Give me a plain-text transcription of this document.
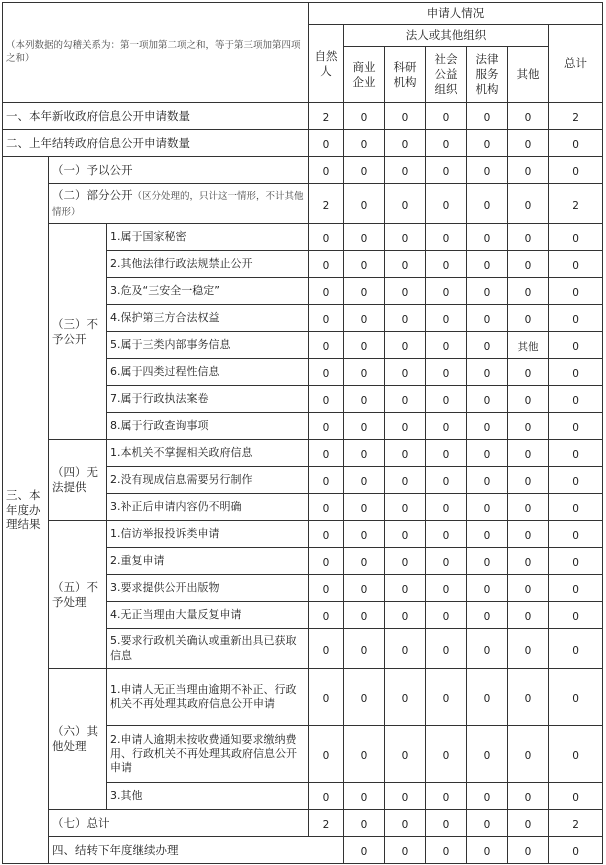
（本列数据的勾稽关系为：第一项加第二项之和，等于第三项加第四项之和）			申请人情况							
			自然人	法人或其他组织					总计	
				商业企业	科研机构	社会公益组织	法律服务机构	其他		
一、本年新收政府信息公开申请数量			2	0	0	0	0	0	2	
二、上年结转政府信息公开申请数量			0	0	0	0	0	0	0	
三、本年度办理结果	（一）予以公开		0	0	0	0	0	0	0	
	（二）部分公开（区分处理的，只计这一情形，不计其他情形）		2	0	0	0	0	0	2	
	（三）不予公开	1.属于国家秘密	0	0	0	0	0	0	0	
		2.其他法律行政法规禁止公开	0	0	0	0	0	0	0	
		3.危及“三安全一稳定”	0	0	0	0	0	0	0	
		4.保护第三方合法权益	0	0	0	0	0	0	0	
		5.属于三类内部事务信息	0	0	0	0	0	其他	0	
		6.属于四类过程性信息	0	0	0	0	0	0	0	
		7.属于行政执法案卷	0	0	0	0	0	0	0	
		8.属于行政查询事项	0	0	0	0	0	0	0	
	（四）无法提供	1.本机关不掌握相关政府信息	0	0	0	0	0	0	0	
		2.没有现成信息需要另行制作	0	0	0	0	0	0	0	
		3.补正后申请内容仍不明确	0	0	0	0	0	0	0	
	（五）不予处理	1.信访举报投诉类申请	0	0	0	0	0	0	0	
		2.重复申请	0	0	0	0	0	0	0	
		3.要求提供公开出版物	0	0	0	0	0	0	0	
		4.无正当理由大量反复申请	0	0	0	0	0	0	0	
		5.要求行政机关确认或重新出具已获取信息	0	0	0	0	0	0	0	
	（六）其他处理	1.申请人无正当理由逾期不补正、行政机关不再处理其政府信息公开申请	0	0	0	0	0	0	0	
		2.申请人逾期未按收费通知要求缴纳费用、行政机关不再处理其政府信息公开申请	0	0	0	0	0	0	0	
		3.其他	0	0	0	0	0	0	0	
	（七）总计		2	0	0	0	0	0	2	
	四、结转下年度继续办理			0	0	0	0	0	0	
